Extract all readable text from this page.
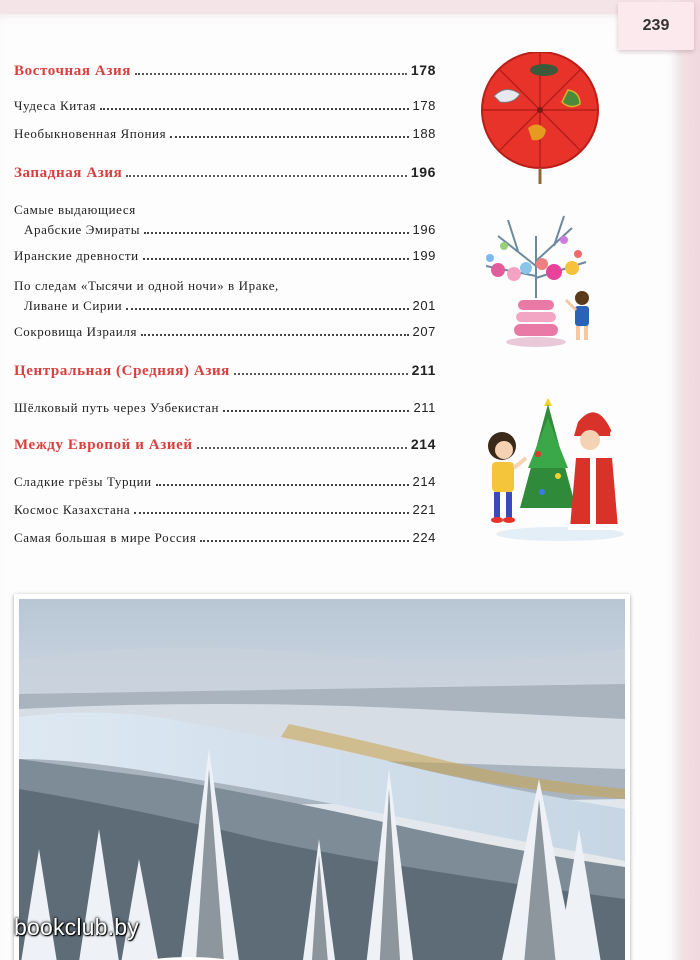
239
Восточная Азия	178
Чудеса Китая	178
Необыкновенная Япония	188
Западная Азия	196
Самые выдающиеся
Арабские Эмираты	196
Иранские древности	199
По следам «Тысячи и одной ночи» в Ираке,
Ливане и Сирии	201
Сокровища Израиля	207
Центральная (Средняя) Азия	211
Шёлковый путь через Узбекистан	211
Между Европой и Азией	214
Сладкие грёзы Турции	214
Космос Казахстана	221
Самая большая в мире Россия	224
bookclub.by
